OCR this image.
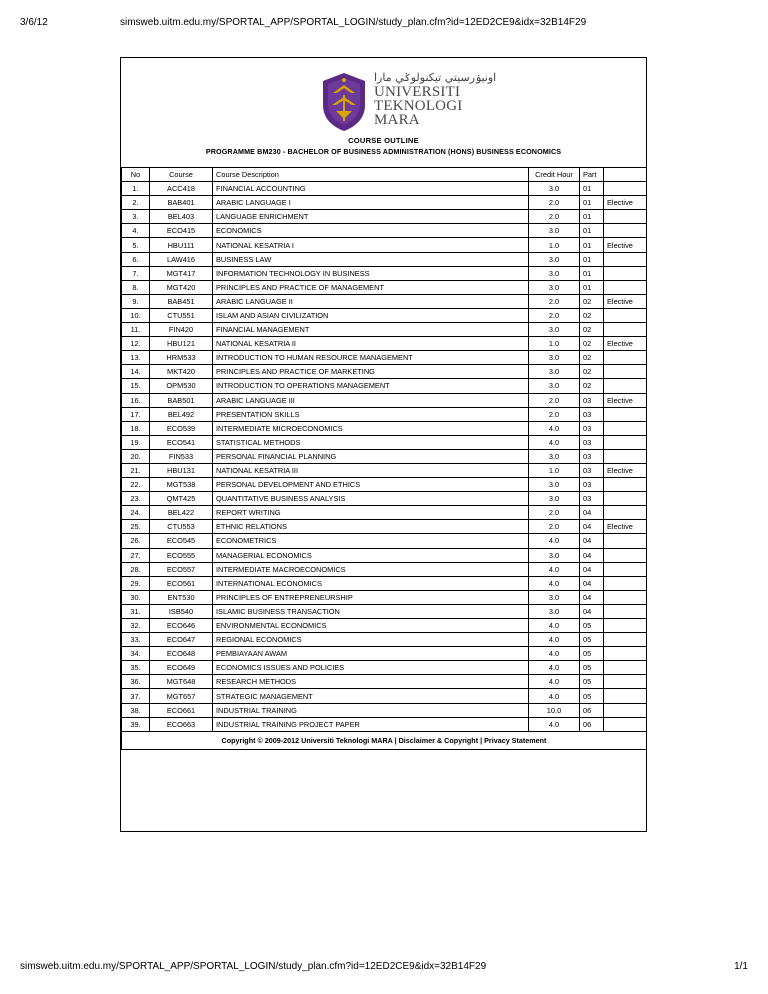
3/6/12	simsweb.uitm.edu.my/SPORTAL_APP/SPORTAL_LOGIN/study_plan.cfm?id=12ED2CE9&idx=32B14F29
اونيۏرسيتي تيکنولوݢي مارا
UNIVERSITI
TEKNOLOGI
MARA
COURSE OUTLINE
PROGRAMME BM230 - BACHELOR OF BUSINESS ADMINISTRATION (HONS) BUSINESS ECONOMICS
No	Course	Course Description	Credit Hour	Part	
1.	ACC418	FINANCIAL ACCOUNTING	3.0	01	
2.	BAB401	ARABIC LANGUAGE I	2.0	01	Elective
3.	BEL403	LANGUAGE ENRICHMENT	2.0	01	
4.	ECO415	ECONOMICS	3.0	01	
5.	HBU111	NATIONAL KESATRIA I	1.0	01	Elective
6.	LAW416	BUSINESS LAW	3.0	01	
7.	MGT417	INFORMATION TECHNOLOGY IN BUSINESS	3.0	01	
8.	MGT420	PRINCIPLES AND PRACTICE OF MANAGEMENT	3.0	01	
9.	BAB451	ARABIC LANGUAGE II	2.0	02	Elective
10.	CTU551	ISLAM AND ASIAN CIVILIZATION	2.0	02	
11.	FIN420	FINANCIAL MANAGEMENT	3.0	02	
12.	HBU121	NATIONAL KESATRIA II	1.0	02	Elective
13.	HRM533	INTRODUCTION TO HUMAN RESOURCE MANAGEMENT	3.0	02	
14.	MKT420	PRINCIPLES AND PRACTICE OF MARKETING	3.0	02	
15.	OPM530	INTRODUCTION TO OPERATIONS MANAGEMENT	3.0	02	
16.	BAB501	ARABIC LANGUAGE III	2.0	03	Elective
17.	BEL492	PRESENTATION SKILLS	2.0	03	
18.	ECO539	INTERMEDIATE MICROECONOMICS	4.0	03	
19.	ECO541	STATISTICAL METHODS	4.0	03	
20.	FIN533	PERSONAL FINANCIAL PLANNING	3.0	03	
21.	HBU131	NATIONAL KESATRIA III	1.0	03	Elective
22.	MGT538	PERSONAL DEVELOPMENT AND ETHICS	3.0	03	
23.	QMT425	QUANTITATIVE BUSINESS ANALYSIS	3.0	03	
24.	BEL422	REPORT WRITING	2.0	04	
25.	CTU553	ETHNIC RELATIONS	2.0	04	Elective
26.	ECO545	ECONOMETRICS	4.0	04	
27.	ECO555	MANAGERIAL ECONOMICS	3.0	04	
28.	ECO557	INTERMEDIATE MACROECONOMICS	4.0	04	
29.	ECO561	INTERNATIONAL ECONOMICS	4.0	04	
30.	ENT530	PRINCIPLES OF ENTREPRENEURSHIP	3.0	04	
31.	ISB540	ISLAMIC BUSINESS TRANSACTION	3.0	04	
32.	ECO646	ENVIRONMENTAL ECONOMICS	4.0	05	
33.	ECO647	REGIONAL ECONOMICS	4.0	05	
34.	ECO648	PEMBIAYAAN AWAM	4.0	05	
35.	ECO649	ECONOMICS ISSUES AND POLICIES	4.0	05	
36.	MGT648	RESEARCH METHODS	4.0	05	
37.	MGT657	STRATEGIC MANAGEMENT	4.0	05	
38.	ECO661	INDUSTRIAL TRAINING	10.0	06	
39.	ECO663	INDUSTRIAL TRAINING PROJECT PAPER	4.0	06	
Copyright © 2009-2012 Universiti Teknologi MARA | Disclaimer & Copyright | Privacy Statement					
simsweb.uitm.edu.my/SPORTAL_APP/SPORTAL_LOGIN/study_plan.cfm?id=12ED2CE9&idx=32B14F29	1/1
